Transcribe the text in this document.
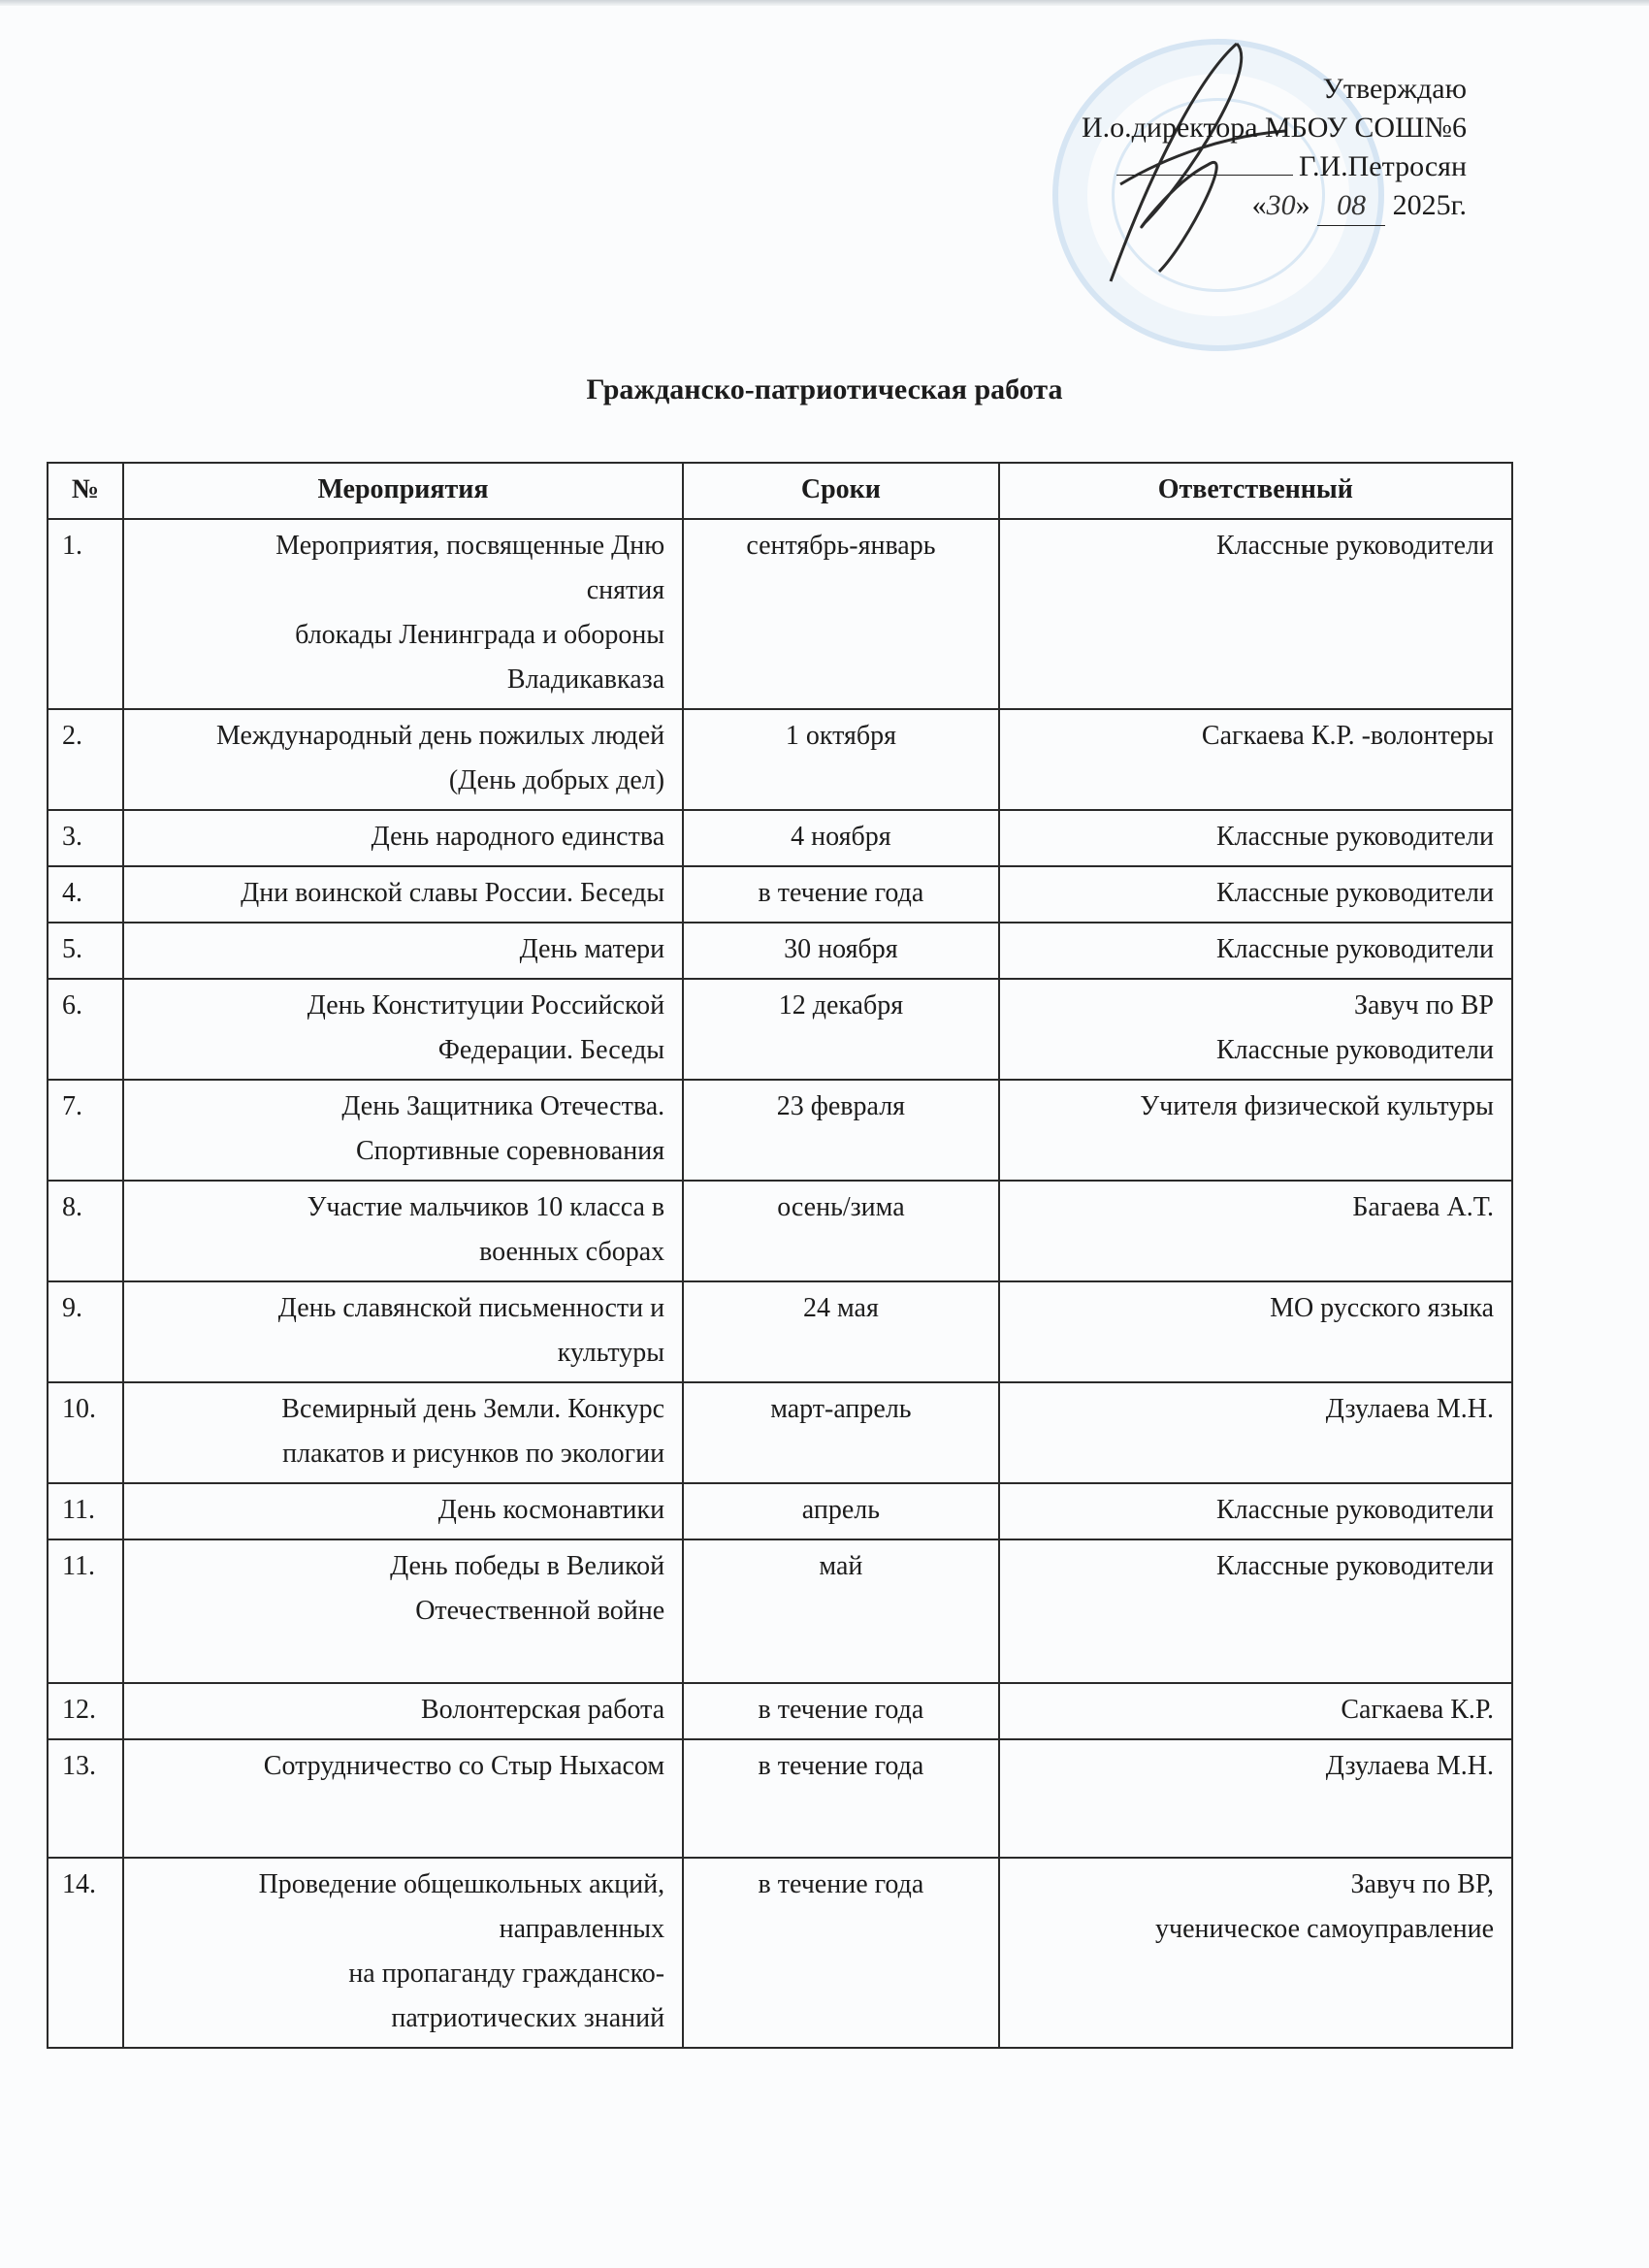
Утверждаю
И.о.директора МБОУ СОШ№6
Г.И.Петросян
«30» 08 2025г.
Гражданско-патриотическая работа
№	Мероприятия	Сроки	Ответственный
1.	Мероприятия, посвященные Дню
снятия
блокады Ленинграда и обороны
Владикавказа	сентябрь-январь	Классные руководители

2.	Международный день пожилых людей
(День добрых дел)	1 октября	Сагкаева К.Р. -волонтеры

3.	День народного единства	4 ноября	Классные руководители

4.	Дни воинской славы России. Беседы	в течение года	Классные руководители

5.	День матери	30 ноября	Классные руководители

6.	День Конституции Российской
Федерации. Беседы	12 декабря	Завуч по ВР
Классные руководители

7.	День Защитника Отечества.
Спортивные соревнования	23 февраля	Учителя физической культуры

8.	Участие мальчиков 10 класса в
военных сборах	осень/зима	Багаева А.Т.

9.	День славянской письменности и
культуры	24 мая	МО русского языка

10.	Всемирный день Земли. Конкурс
плакатов и рисунков по экологии	март-апрель	Дзулаева М.Н.

11.	День космонавтики	апрель	Классные руководители

11.	День победы в Великой
Отечественной войне	май	Классные руководители

12.	Волонтерская работа	в течение года	Сагкаева К.Р.

13.	Сотрудничество со Стыр Ныхасом	в течение года	Дзулаева М.Н.

14.	Проведение общешкольных акций,
направленных
на пропаганду гражданско-
патриотических знаний	в течение года	Завуч по ВР,
ученическое самоуправление
